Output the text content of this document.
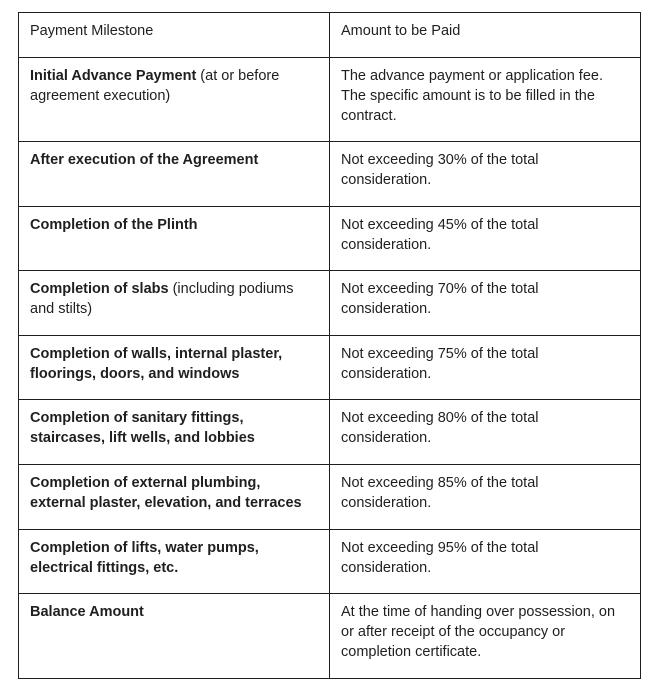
Payment Milestone	Amount to be Paid
Initial Advance Payment (at or before agreement execution)	The advance payment or application fee. The specific amount is to be filled in the contract.
After execution of the Agreement	Not exceeding 30% of the total consideration.
Completion of the Plinth	Not exceeding 45% of the total consideration.
Completion of slabs (including podiums and stilts)	Not exceeding 70% of the total consideration.
Completion of walls, internal plaster, floorings, doors, and windows	Not exceeding 75% of the total consideration.
Completion of sanitary fittings, staircases, lift wells, and lobbies	Not exceeding 80% of the total consideration.
Completion of external plumbing, external plaster, elevation, and terraces	Not exceeding 85% of the total consideration.
Completion of lifts, water pumps, electrical fittings, etc.	Not exceeding 95% of the total consideration.
Balance Amount	At the time of handing over possession, on or after receipt of the occupancy or completion certificate.
